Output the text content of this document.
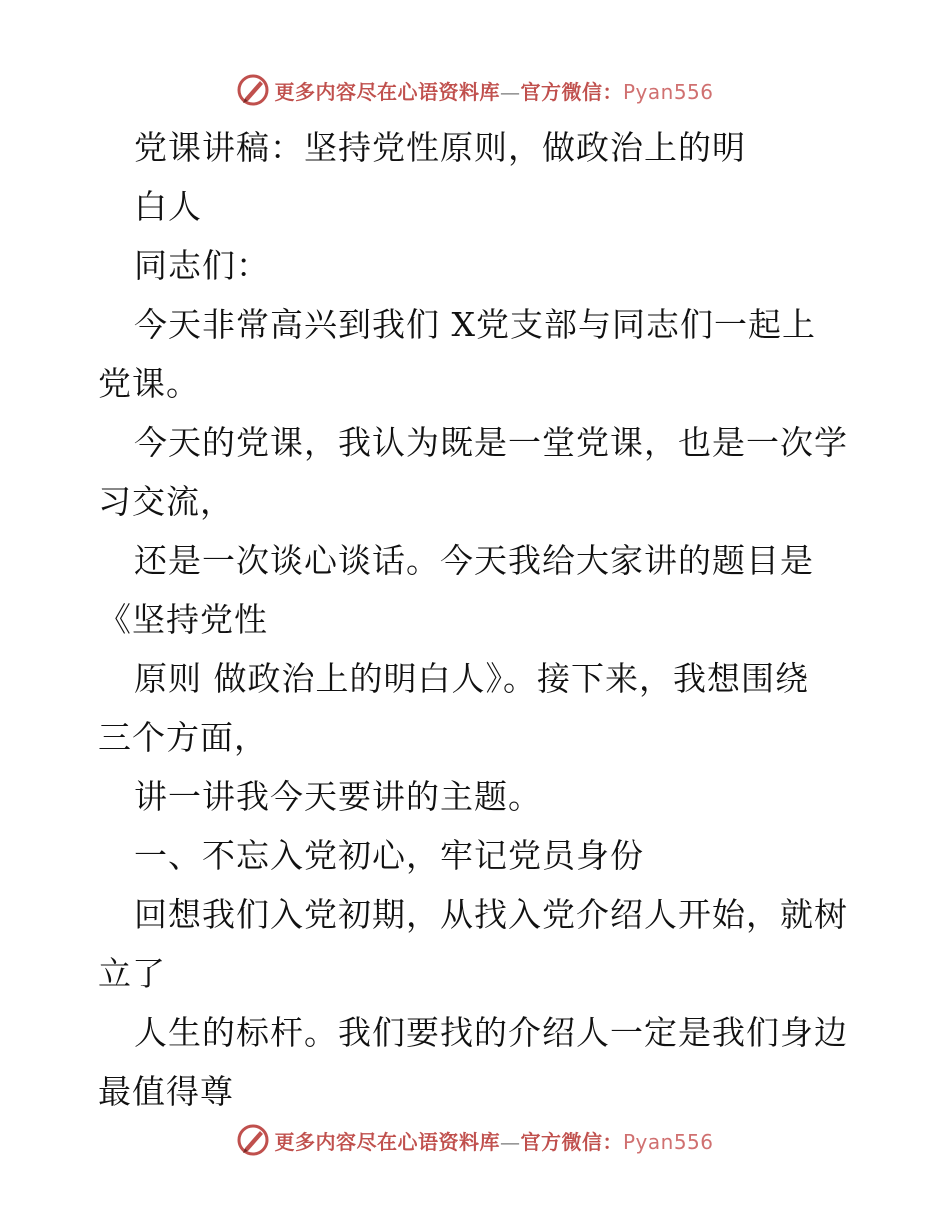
更多内容尽在心语资料库—官方微信：Pyan556
党课讲稿：坚持党性原则，做政治上的明
白人
同志们：
今天非常高兴到我们 X党支部与同志们一起上
党课。
今天的党课，我认为既是一堂党课，也是一次学
习交流，
还是一次谈心谈话。今天我给大家讲的题目是
《坚持党性
原则 做政治上的明白人》。接下来，我想围绕
三个方面，
讲一讲我今天要讲的主题。
一、不忘入党初心，牢记党员身份
回想我们入党初期，从找入党介绍人开始，就树
立了
人生的标杆。我们要找的介绍人一定是我们身边
最值得尊
更多内容尽在心语资料库—官方微信：Pyan556
